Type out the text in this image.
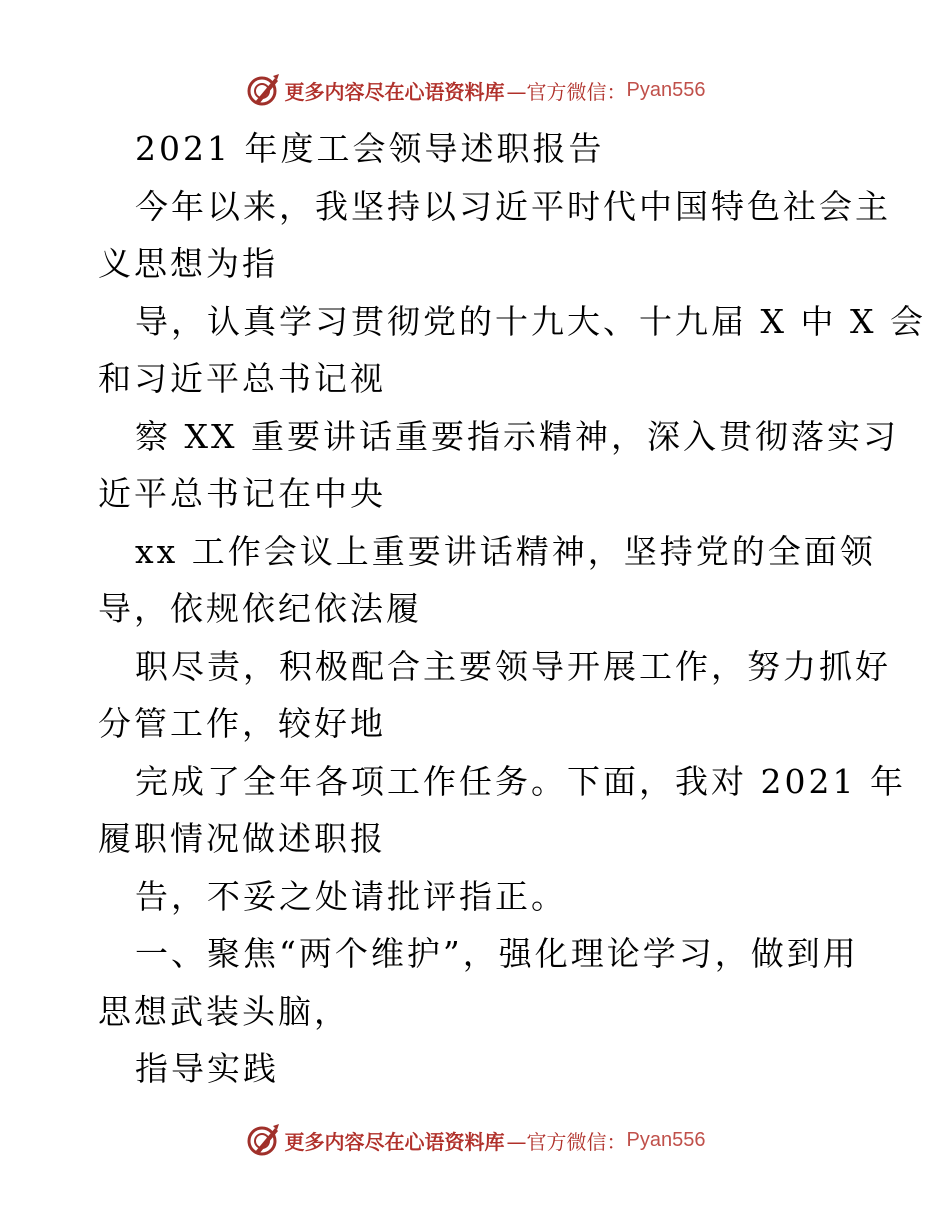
更多内容尽在心语资料库 —官方微信： Pyan556
2021 年度工会领导述职报告
今年以来，我坚持以习近平时代中国特色社会主
义思想为指
导，认真学习贯彻党的十九大、十九届 X 中 X 会
和习近平总书记视
察 XX 重要讲话重要指示精神，深入贯彻落实习
近平总书记在中央
xx 工作会议上重要讲话精神，坚持党的全面领
导，依规依纪依法履
职尽责，积极配合主要领导开展工作，努力抓好
分管工作，较好地
完成了全年各项工作任务。下面，我对 2021 年
履职情况做述职报
告，不妥之处请批评指正。
一、聚焦“两个维护”，强化理论学习，做到用
思想武装头脑，
指导实践
更多内容尽在心语资料库 —官方微信： Pyan556
